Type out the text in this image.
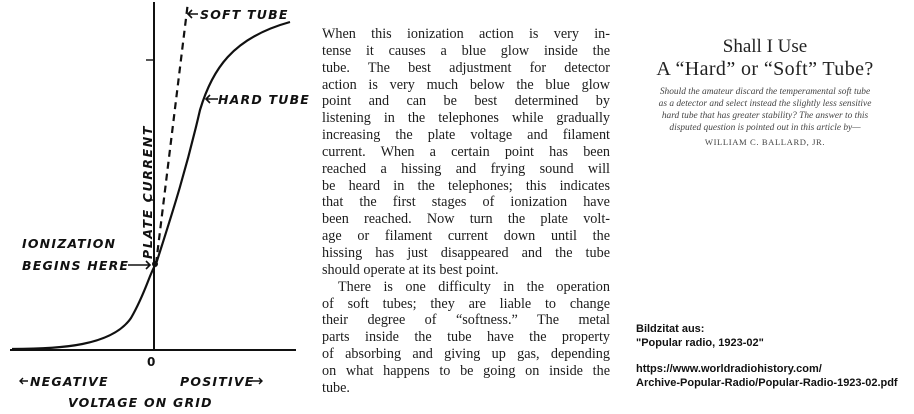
SOFT TUBE

HARD TUBE

PLATE CURRENT

IONIZATION

BEGINS HERE

0

NEGATIVE	POSITIVE

VOLTAGE ON GRID

When this ionization action is very in-
tense it causes a blue glow inside the
tube. The best adjustment for detector
action is very much below the blue glow
point and can be best determined by
listening in the telephones while gradually
increasing the plate voltage and filament
current. When a certain point has been
reached a hissing and frying sound will
be heard in the telephones; this indicates
that the first stages of ionization have
been reached. Now turn the plate volt-
age or filament current down until the
hissing has just disappeared and the tube
should operate at its best point.

There is one difficulty in the operation
of soft tubes; they are liable to change
their degree of “softness.” The metal
parts inside the tube have the property
of absorbing and giving up gas, depending
on what happens to be going on inside the
tube.

Shall I Use
A “Hard” or “Soft” Tube?
Should the amateur discard the temperamental soft tube
as a detector and select instead the slightly less sensitive
hard tube that has greater stability? The answer to this
disputed question is pointed out in this article by—

WILLIAM C. BALLARD, JR.

Bildzitat aus:

"Popular radio, 1923-02"

https://www.worldradiohistory.com/

Archive-Popular-Radio/Popular-Radio-1923-02.pdf
